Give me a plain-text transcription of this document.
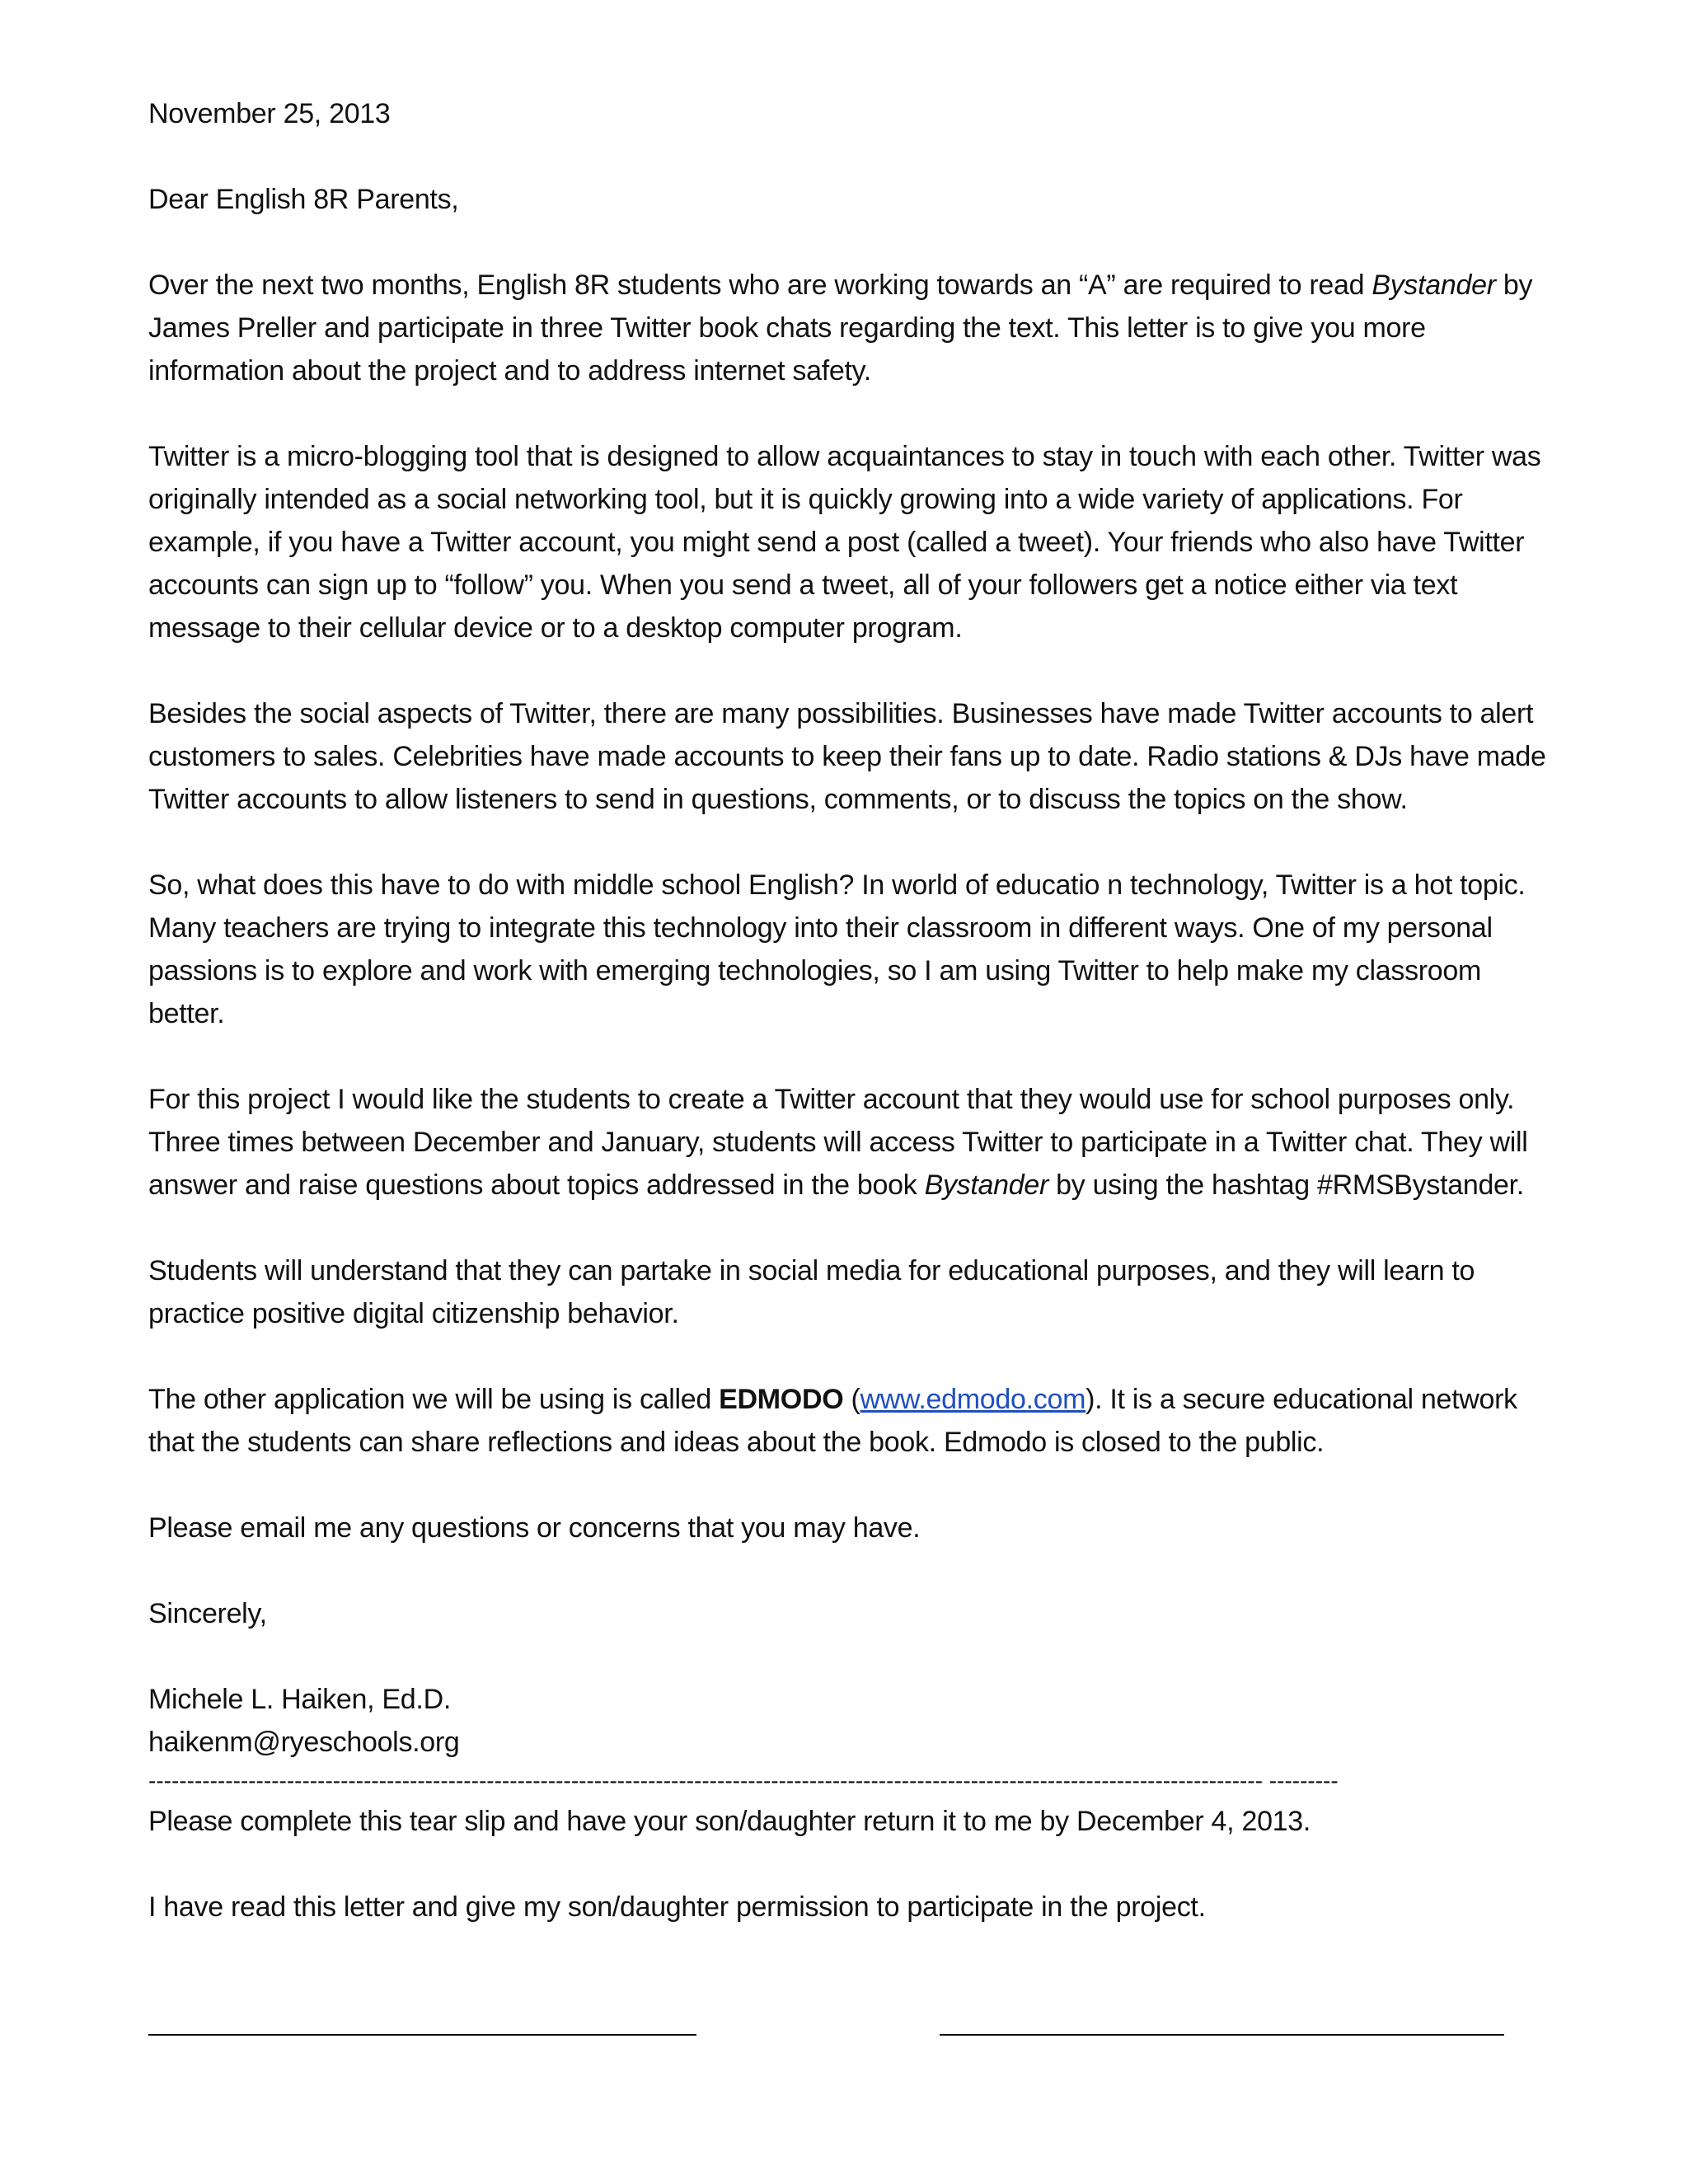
November 25, 2013

Dear English 8R Parents,

Over the next two months, English 8R students who are working towards an “A” are required to read Bystander by James Preller and participate in three Twitter book chats regarding the text. This letter is to give you more information about the project and to address internet safety.

Twitter is a micro-blogging tool that is designed to allow acquaintances to stay in touch with each other. Twitter was originally intended as a social networking tool, but it is quickly growing into a wide variety of applications. For example, if you have a Twitter account, you might send a post (called a tweet). Your friends who also have Twitter accounts can sign up to “follow” you. When you send a tweet, all of your followers get a notice either via text message to their cellular device or to a desktop computer program.

Besides the social aspects of Twitter, there are many possibilities. Businesses have made Twitter accounts to alert customers to sales. Celebrities have made accounts to keep their fans up to date. Radio stations & DJs have made Twitter accounts to allow listeners to send in questions, comments, or to discuss the topics on the show.

So, what does this have to do with middle school English? In world of educatio n technology, Twitter is a hot topic. Many teachers are trying to integrate this technology into their classroom in different ways. One of my personal passions is to explore and work with emerging technologies, so I am using Twitter to help make my classroom better.

For this project I would like the students to create a Twitter account that they would use for school purposes only. Three times between December and January, students will access Twitter to participate in a Twitter chat. They will answer and raise questions about topics addressed in the book Bystander by using the hashtag #RMSBystander.

Students will understand that they can partake in social media for educational purposes, and they will learn to practice positive digital citizenship behavior.

The other application we will be using is called EDMODO (www.edmodo.com). It is a secure educational network that the students can share reflections and ideas about the book. Edmodo is closed to the public.

Please email me any questions or concerns that you may have.

Sincerely,

Michele L. Haiken, Ed.D.

haikenm@ryeschools.org

------------------------------------------------------------------------------------------------------------------------------------------------- ---------

Please complete this tear slip and have your son/daughter return it to me by December 4, 2013.

I have read this letter and give my son/daughter permission to participate in the project.
